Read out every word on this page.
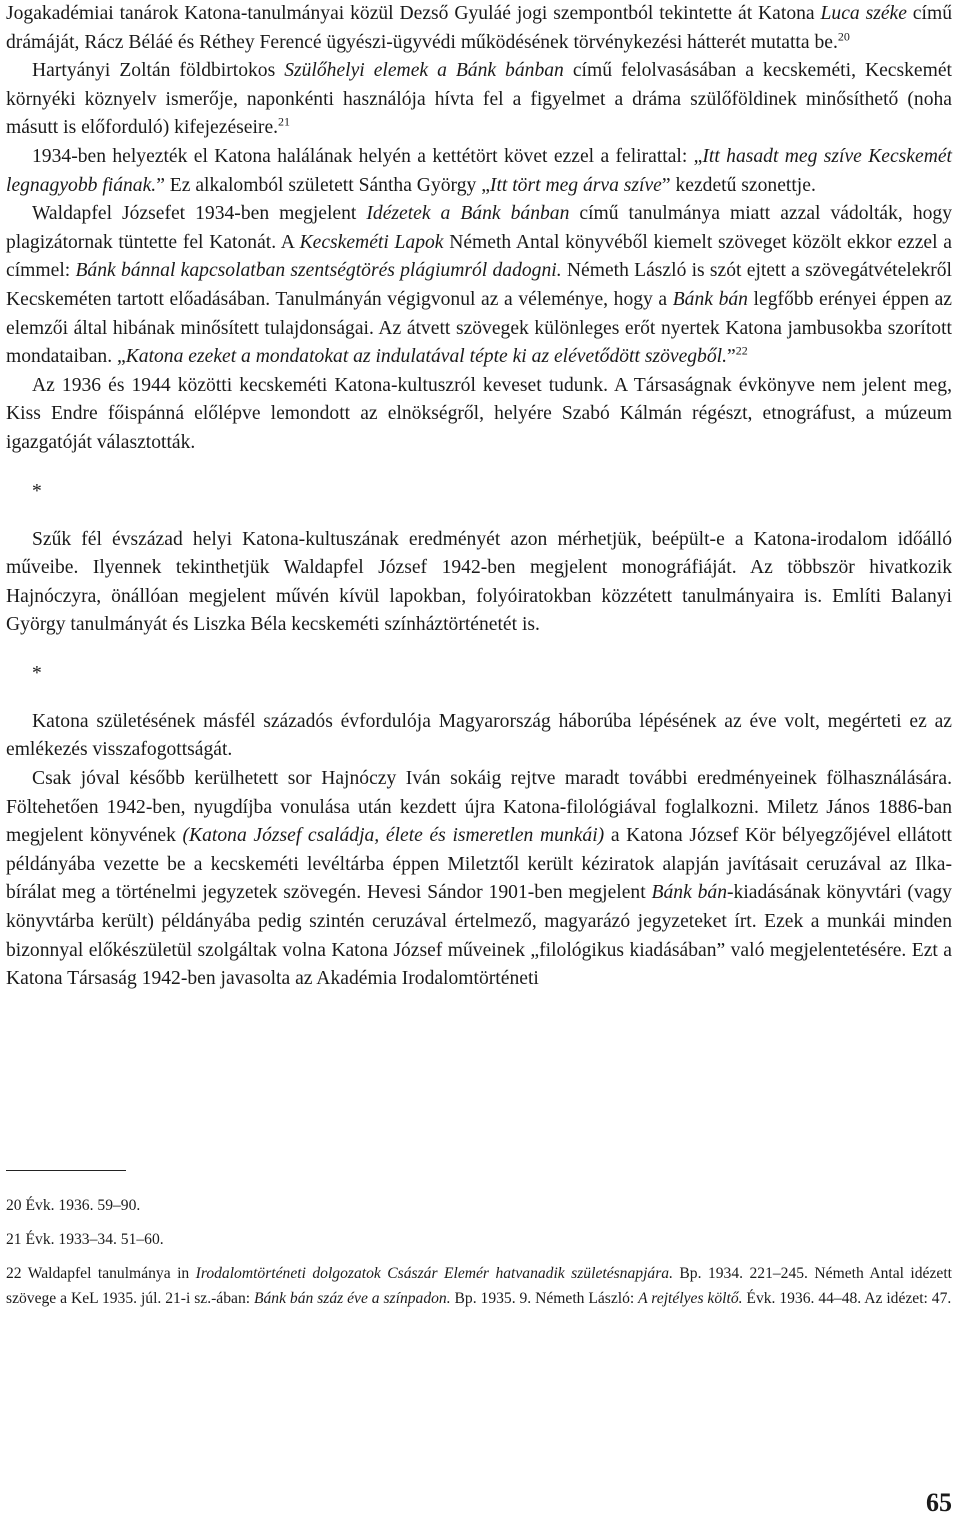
Jogakadémiai tanárok Katona-tanulmányai közül Dezső Gyuláé jogi szempontból tekintette át Katona Luca széke című drámáját, Rácz Béláé és Réthey Ferencé ügyészi-ügyvédi működésének törvénykezési hátterét mutatta be.$^{20}$

Hartyányi Zoltán földbirtokos Szülőhelyi elemek a Bánk bánban című felolvasásában a kecskeméti, Kecskemét környéki köznyelv ismerője, naponkénti használója hívta fel a figyelmet a dráma szülőföldinek minősíthető (noha másutt is előforduló) kifejezéseire.$^{21}$

1934-ben helyezték el Katona halálának helyén a kettétört követ ezzel a felirattal: „Itt hasadt meg szíve Kecskemét legnagyobb fiának.” Ez alkalomból született Sántha György „Itt tört meg árva szíve” kezdetű szonettje.

Waldapfel Józsefet 1934-ben megjelent Idézetek a Bánk bánban című tanulmánya miatt azzal vádolták, hogy plagizátornak tüntette fel Katonát. A Kecskeméti Lapok Németh Antal könyvéből kiemelt szöveget közölt ekkor ezzel a címmel: Bánk bánnal kapcsolatban szentségtörés plágiumról dadogni. Németh László is szót ejtett a szövegátvételekről Kecskeméten tartott előadásában. Tanulmányán végigvonul az a véleménye, hogy a Bánk bán legfőbb erényei éppen az elemzői által hibának minősített tulajdonságai. Az átvett szövegek különleges erőt nyertek Katona jambusokba szorított mondataiban. „Katona ezeket a mondatokat az indulatával tépte ki az elévetődött szövegből.”$^{22}$

Az 1936 és 1944 közötti kecskeméti Katona-kultuszról keveset tudunk. A Társaságnak évkönyve nem jelent meg, Kiss Endre főispánná előlépve lemondott az elnökségről, helyére Szabó Kálmán régészt, etnográfust, a múzeum igazgatóját választották.

*

Szűk fél évszázad helyi Katona-kultuszának eredményét azon mérhetjük, beépült-e a Katona-irodalom időálló műveibe. Ilyennek tekinthetjük Waldapfel József 1942-ben megjelent monográfiáját. Az többször hivatkozik Hajnóczyra, önállóan megjelent művén kívül lapokban, folyóiratokban közzétett tanulmányaira is. Említi Balanyi György tanulmányát és Liszka Béla kecskeméti színháztörténetét is.

*

Katona születésének másfél századós évfordulója Magyarország háborúba lépésének az éve volt, megérteti ez az emlékezés visszafogottságát.

Csak jóval később kerülhetett sor Hajnóczy Iván sokáig rejtve maradt további eredményeinek fölhasználására. Föltehetően 1942-ben, nyugdíjba vonulása után kezdett újra Katona-filológiával foglalkozni. Miletz János 1886-ban megjelent könyvének (Katona József családja, élete és ismeretlen munkái) a Katona József Kör bélyegzőjével ellátott példányába vezette be a kecskeméti levéltárba éppen Miletztől került kéziratok alapján javításait ceruzával az Ilka-bírálat meg a történelmi jegyzetek szövegén. Hevesi Sándor 1901-ben megjelent Bánk bán-kiadásának könyvtári (vagy könyvtárba került) példányába pedig szintén ceruzával értelmező, magyarázó jegyzeteket írt. Ezek a munkái minden bizonnyal előkészületül szolgáltak volna Katona József műveinek „filológikus kiadásában” való megjelentetésére. Ezt a Katona Társaság 1942-ben javasolta az Akadémia Irodalomtörténeti

20 Évk. 1936. 59–90.

21 Évk. 1933–34. 51–60.

22 Waldapfel tanulmánya in Irodalomtörténeti dolgozatok Császár Elemér hatvanadik születésnapjára. Bp. 1934. 221–245. Németh Antal idézett szövege a KeL 1935. júl. 21-i sz.-ában: Bánk bán száz éve a színpadon. Bp. 1935. 9. Németh László: A rejtélyes költő. Évk. 1936. 44–48. Az idézet: 47.

65
